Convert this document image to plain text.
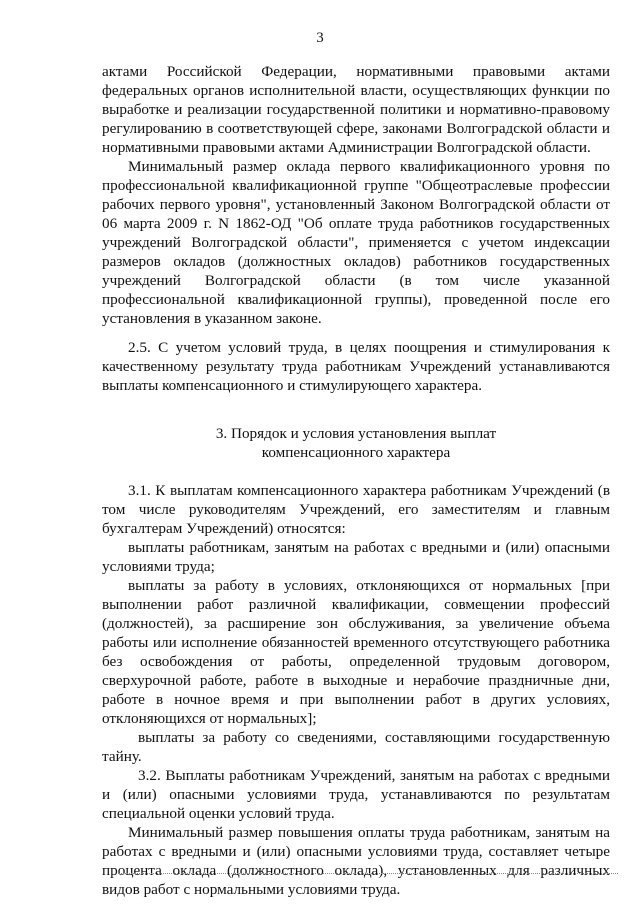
3

актами Российской Федерации, нормативными правовыми актами федеральных органов исполнительной власти, осуществляющих функции по выработке и реализации государственной политики и нормативно-правовому регулированию в соответствующей сфере, законами Волгоградской области и нормативными правовыми актами Администрации Волгоградской области.

Минимальный размер оклада первого квалификационного уровня по профессиональной квалификационной группе "Общеотраслевые профессии рабочих первого уровня", установленный Законом Волгоградской области от 06 марта 2009 г. N 1862-ОД "Об оплате труда работников государственных учреждений Волгоградской области", применяется с учетом индексации размеров окладов (должностных окладов) работников государственных учреждений Волгоградской области (в том числе указанной профессиональной квалификационной группы), проведенной после его установления в указанном законе.

2.5. С учетом условий труда, в целях поощрения и стимулирования к качественному результату труда работникам Учреждений устанавливаются выплаты компенсационного и стимулирующего характера.

3. Порядок и условия установления выплат

компенсационного характера

3.1. К выплатам компенсационного характера работникам Учреждений (в том числе руководителям Учреждений, его заместителям и главным бухгалтерам Учреждений) относятся:

выплаты работникам, занятым на работах с вредными и (или) опасными условиями труда;

выплаты за работу в условиях, отклоняющихся от нормальных [при выполнении работ различной квалификации, совмещении профессий (должностей), за расширение зон обслуживания, за увеличение объема работы или исполнение обязанностей временного отсутствующего работника без освобождения от работы, определенной трудовым договором, сверхурочной работе, работе в выходные и нерабочие праздничные дни, работе в ночное время и при выполнении работ в других условиях, отклоняющихся от нормальных];

выплаты за работу со сведениями, составляющими государственную тайну.

3.2. Выплаты работникам Учреждений, занятым на работах с вредными и (или) опасными условиями труда, устанавливаются по результатам специальной оценки условий труда.

Минимальный размер повышения оплаты труда работникам, занятым на работах с вредными и (или) опасными условиями труда, составляет четыре процента оклада (должностного оклада), установленных для различных видов работ с нормальными условиями труда.
